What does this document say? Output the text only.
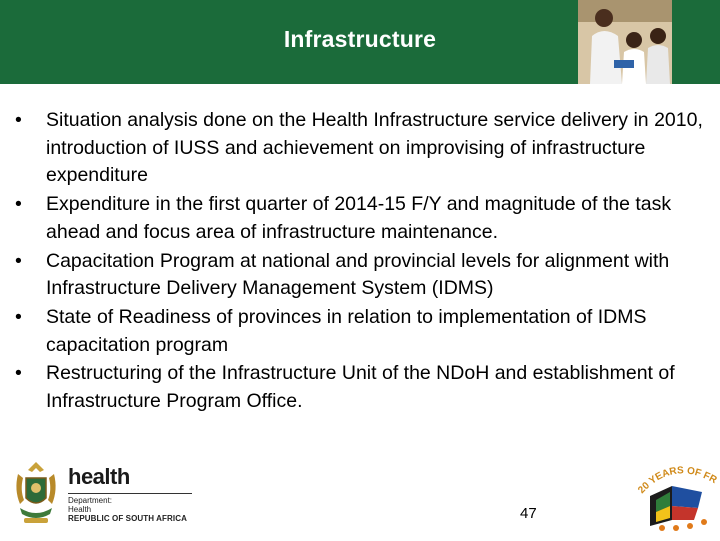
Infrastructure
• Situation analysis done on the Health Infrastructure service delivery in 2010, introduction of IUSS and achievement on improvising of infrastructure expenditure
• Expenditure in the first quarter of 2014-15 F/Y and magnitude of the task ahead and focus area of infrastructure maintenance.
• Capacitation Program at national and provincial levels for alignment with Infrastructure Delivery Management System (IDMS)
• State of Readiness of provinces in relation to implementation of IDMS capacitation program
• Restructuring of the Infrastructure Unit of the NDoH and establishment of Infrastructure Program Office.
health
Department:
Health
REPUBLIC OF SOUTH AFRICA	47
20 YEARS OF FR
